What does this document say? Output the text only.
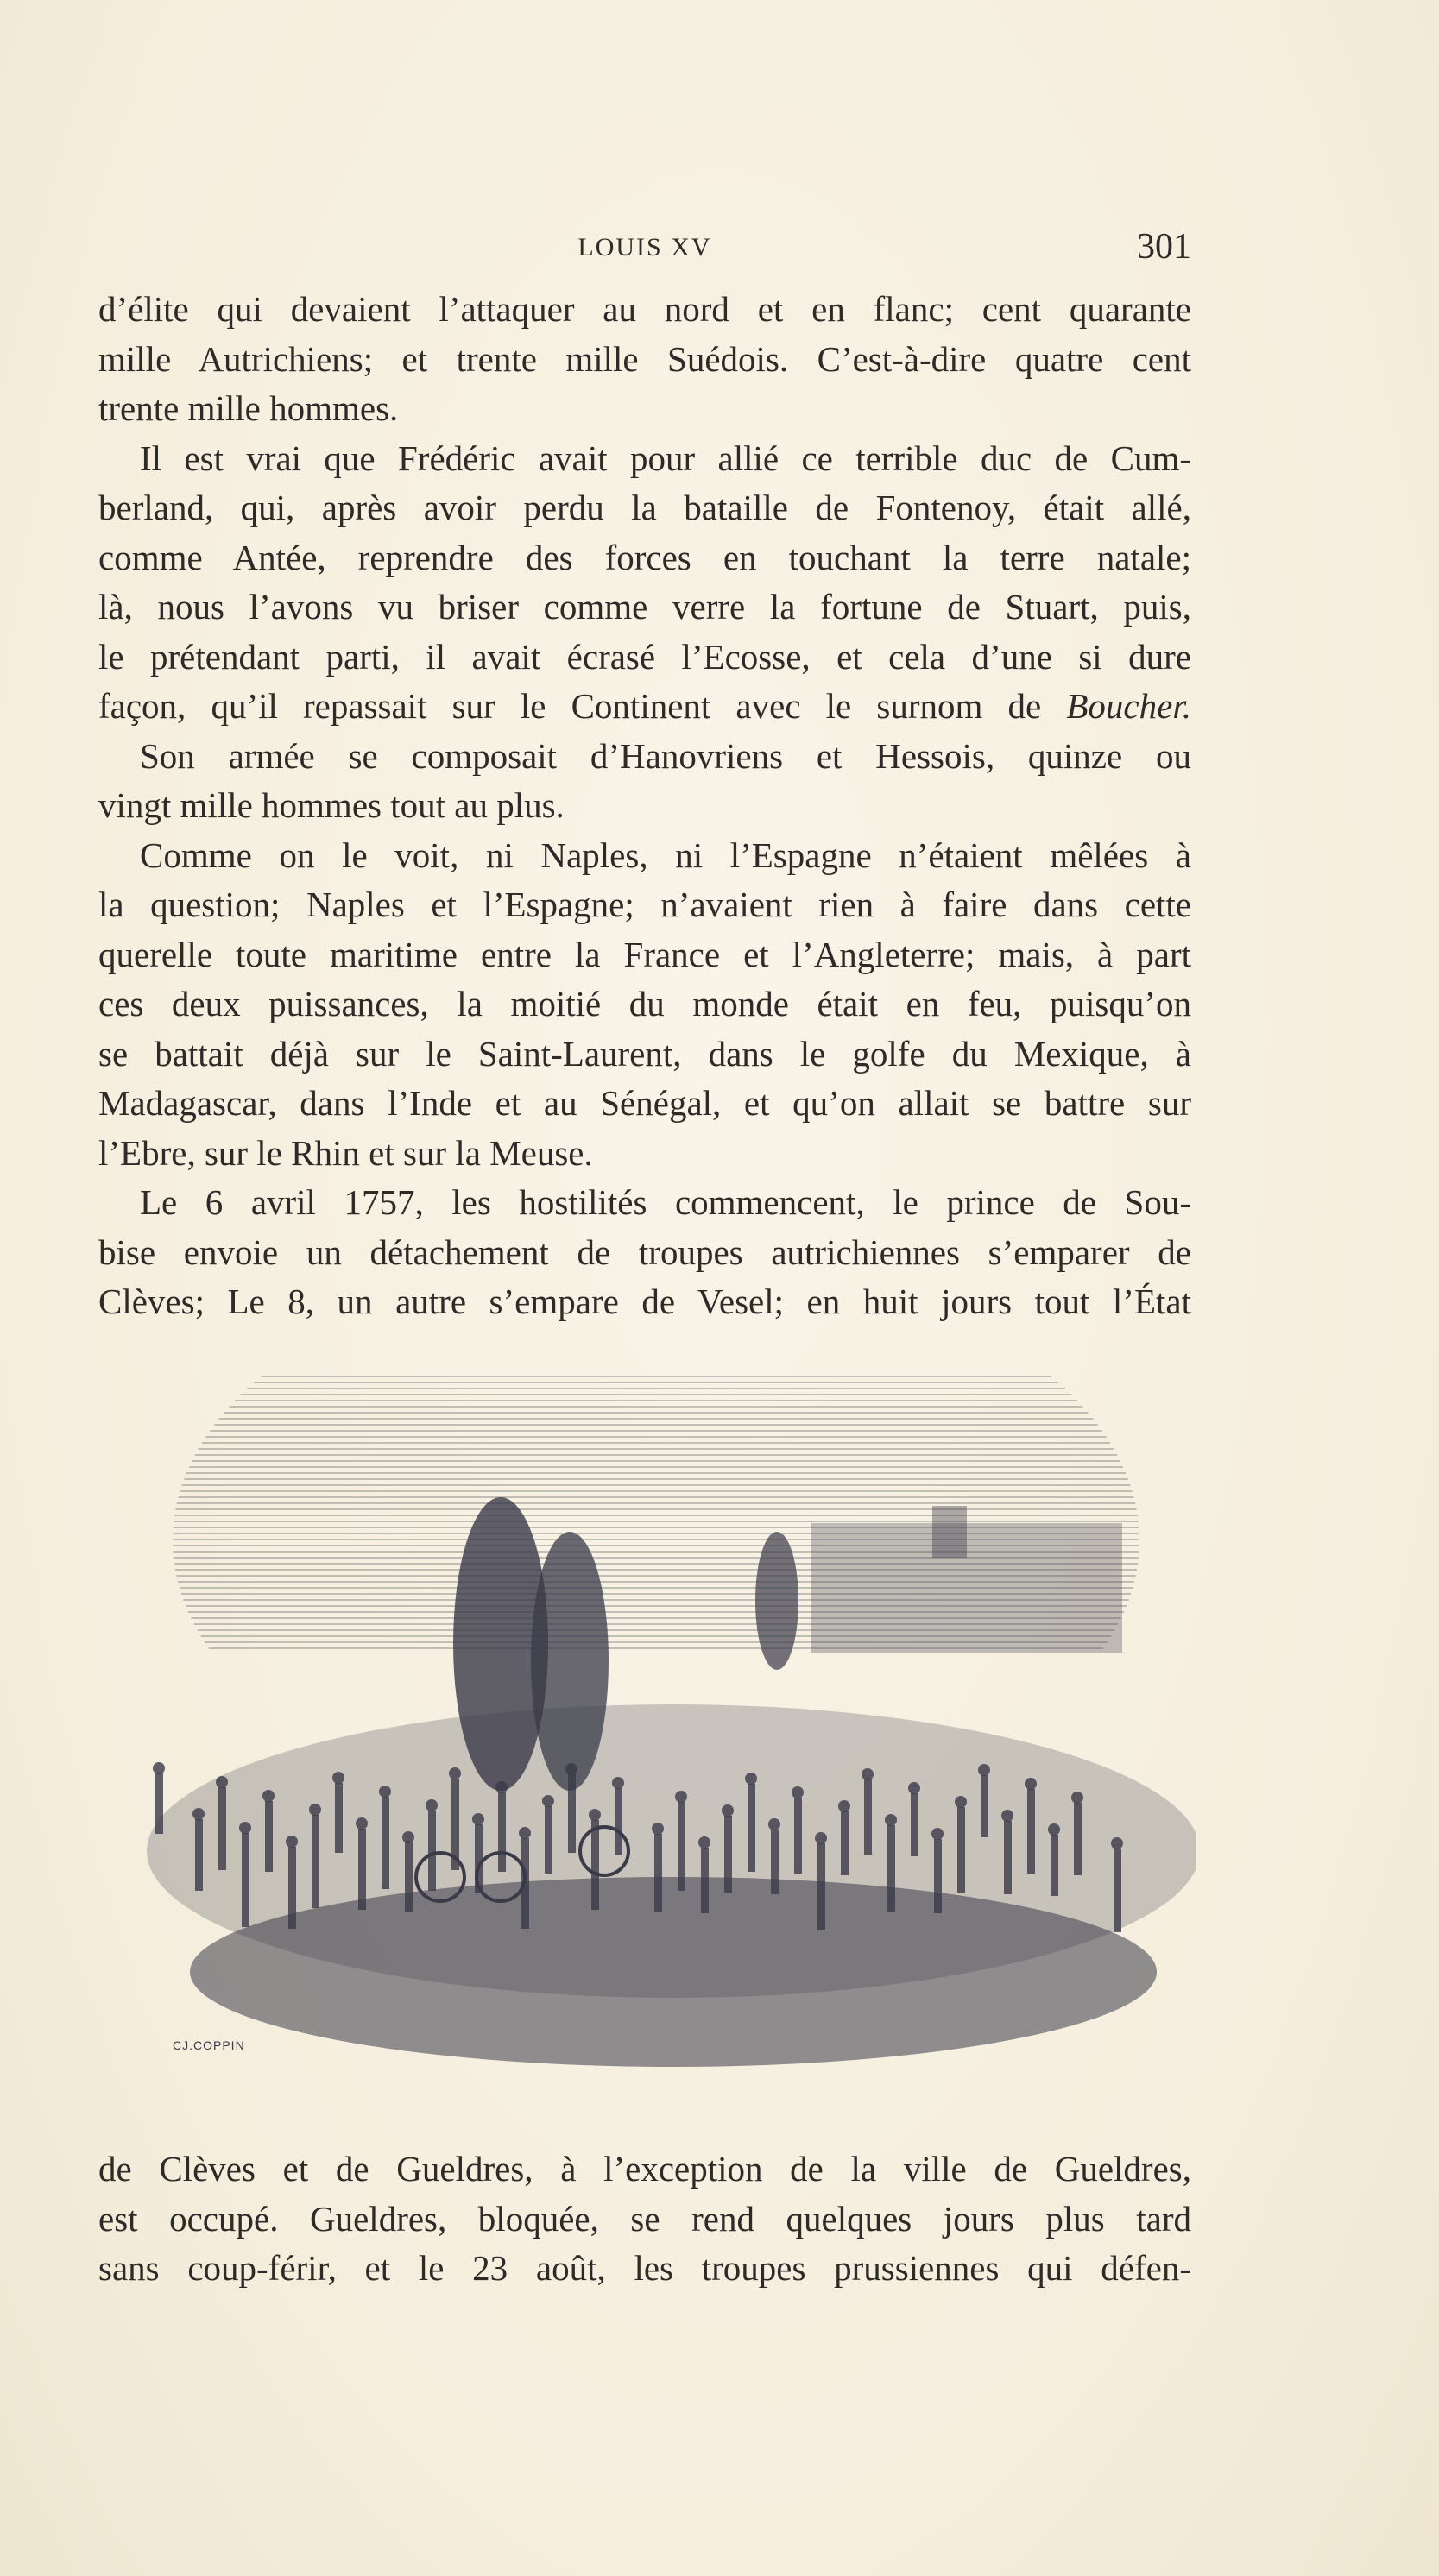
LOUIS XV	301
d’élite qui devaient l’attaquer au nord et en flanc; cent quarante
mille Autrichiens; et trente mille Suédois. C’est-à-dire quatre cent
trente mille hommes.
Il est vrai que Frédéric avait pour allié ce terrible duc de Cum-
berland, qui, après avoir perdu la bataille de Fontenoy, était allé,
comme Antée, reprendre des forces en touchant la terre natale;
là, nous l’avons vu briser comme verre la fortune de Stuart, puis,
le prétendant parti, il avait écrasé l’Ecosse, et cela d’une si dure
façon, qu’il repassait sur le Continent avec le surnom de Boucher.
Son armée se composait d’Hanovriens et Hessois, quinze ou
vingt mille hommes tout au plus.
Comme on le voit, ni Naples, ni l’Espagne n’étaient mêlées à
la question; Naples et l’Espagne; n’avaient rien à faire dans cette
querelle toute maritime entre la France et l’Angleterre; mais, à part
ces deux puissances, la moitié du monde était en feu, puisqu’on
se battait déjà sur le Saint-Laurent, dans le golfe du Mexique, à
Madagascar, dans l’Inde et au Sénégal, et qu’on allait se battre sur
l’Ebre, sur le Rhin et sur la Meuse.
Le 6 avril 1757, les hostilités commencent, le prince de Sou-
bise envoie un détachement de troupes autrichiennes s’emparer de
Clèves; Le 8, un autre s’empare de Vesel; en huit jours tout l’État
CJ.COPPIN
de Clèves et de Gueldres, à l’exception de la ville de Gueldres,
est occupé. Gueldres, bloquée, se rend quelques jours plus tard
sans coup-férir, et le 23 août, les troupes prussiennes qui défen-
